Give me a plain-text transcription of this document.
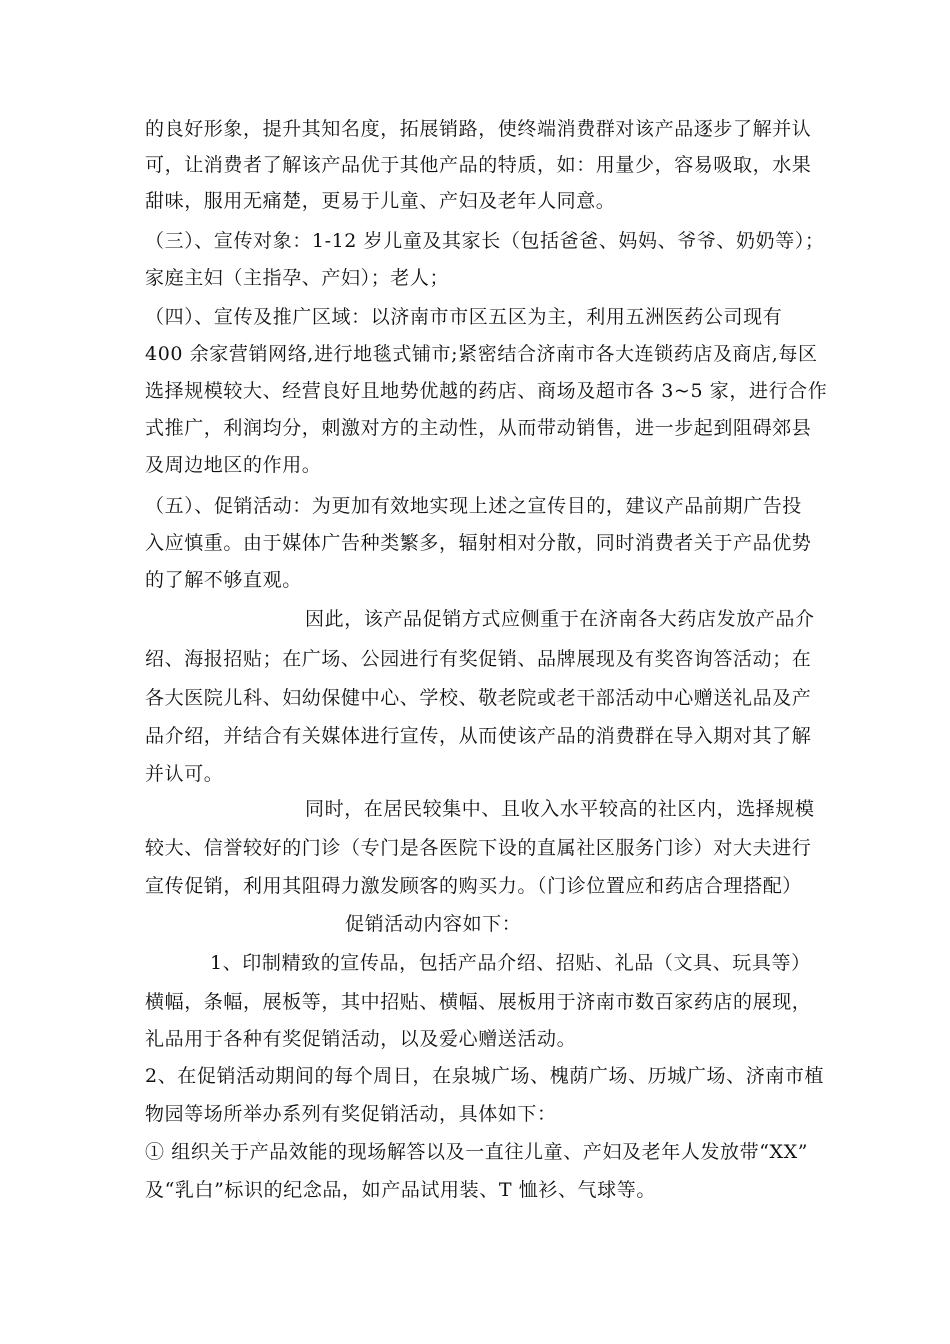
的良好形象，提升其知名度，拓展销路，使终端消费群对该产品逐步了解并认
可，让消费者了解该产品优于其他产品的特质，如：用量少，容易吸取，水果
甜味，服用无痛楚，更易于儿童、产妇及老年人同意。
（三）、宣传对象：1-12 岁儿童及其家长（包括爸爸、妈妈、爷爷、奶奶等）；
家庭主妇（主指孕、产妇）；老人；
（四）、宣传及推广区域：以济南市市区五区为主，利用五洲医药公司现有
400 余家营销网络,进行地毯式铺市;紧密结合济南市各大连锁药店及商店,每区
选择规模较大、经营良好且地势优越的药店、商场及超市各 3~5 家，进行合作
式推广，利润均分，刺激对方的主动性，从而带动销售，进一步起到阻碍郊县
及周边地区的作用。
（五）、促销活动：为更加有效地实现上述之宣传目的，建议产品前期广告投
入应慎重。由于媒体广告种类繁多，辐射相对分散，同时消费者关于产品优势
的了解不够直观。
因此，该产品促销方式应侧重于在济南各大药店发放产品介
绍、海报招贴；在广场、公园进行有奖促销、品牌展现及有奖咨询答活动；在
各大医院儿科、妇幼保健中心、学校、敬老院或老干部活动中心赠送礼品及产
品介绍，并结合有关媒体进行宣传，从而使该产品的消费群在导入期对其了解
并认可。
同时，在居民较集中、且收入水平较高的社区内，选择规模
较大、信誉较好的门诊（专门是各医院下设的直属社区服务门诊）对大夫进行
宣传促销，利用其阻碍力激发顾客的购买力。（门诊位置应和药店合理搭配）
促销活动内容如下：
1、印制精致的宣传品，包括产品介绍、招贴、礼品（文具、玩具等）
横幅，条幅，展板等，其中招贴、横幅、展板用于济南市数百家药店的展现，
礼品用于各种有奖促销活动，以及爱心赠送活动。
2、在促销活动期间的每个周日，在泉城广场、槐荫广场、历城广场、济南市植
物园等场所举办系列有奖促销活动，具体如下：
① 组织关于产品效能的现场解答以及一直往儿童、产妇及老年人发放带“XX”
及“乳白”标识的纪念品，如产品试用装、T 恤衫、气球等。
